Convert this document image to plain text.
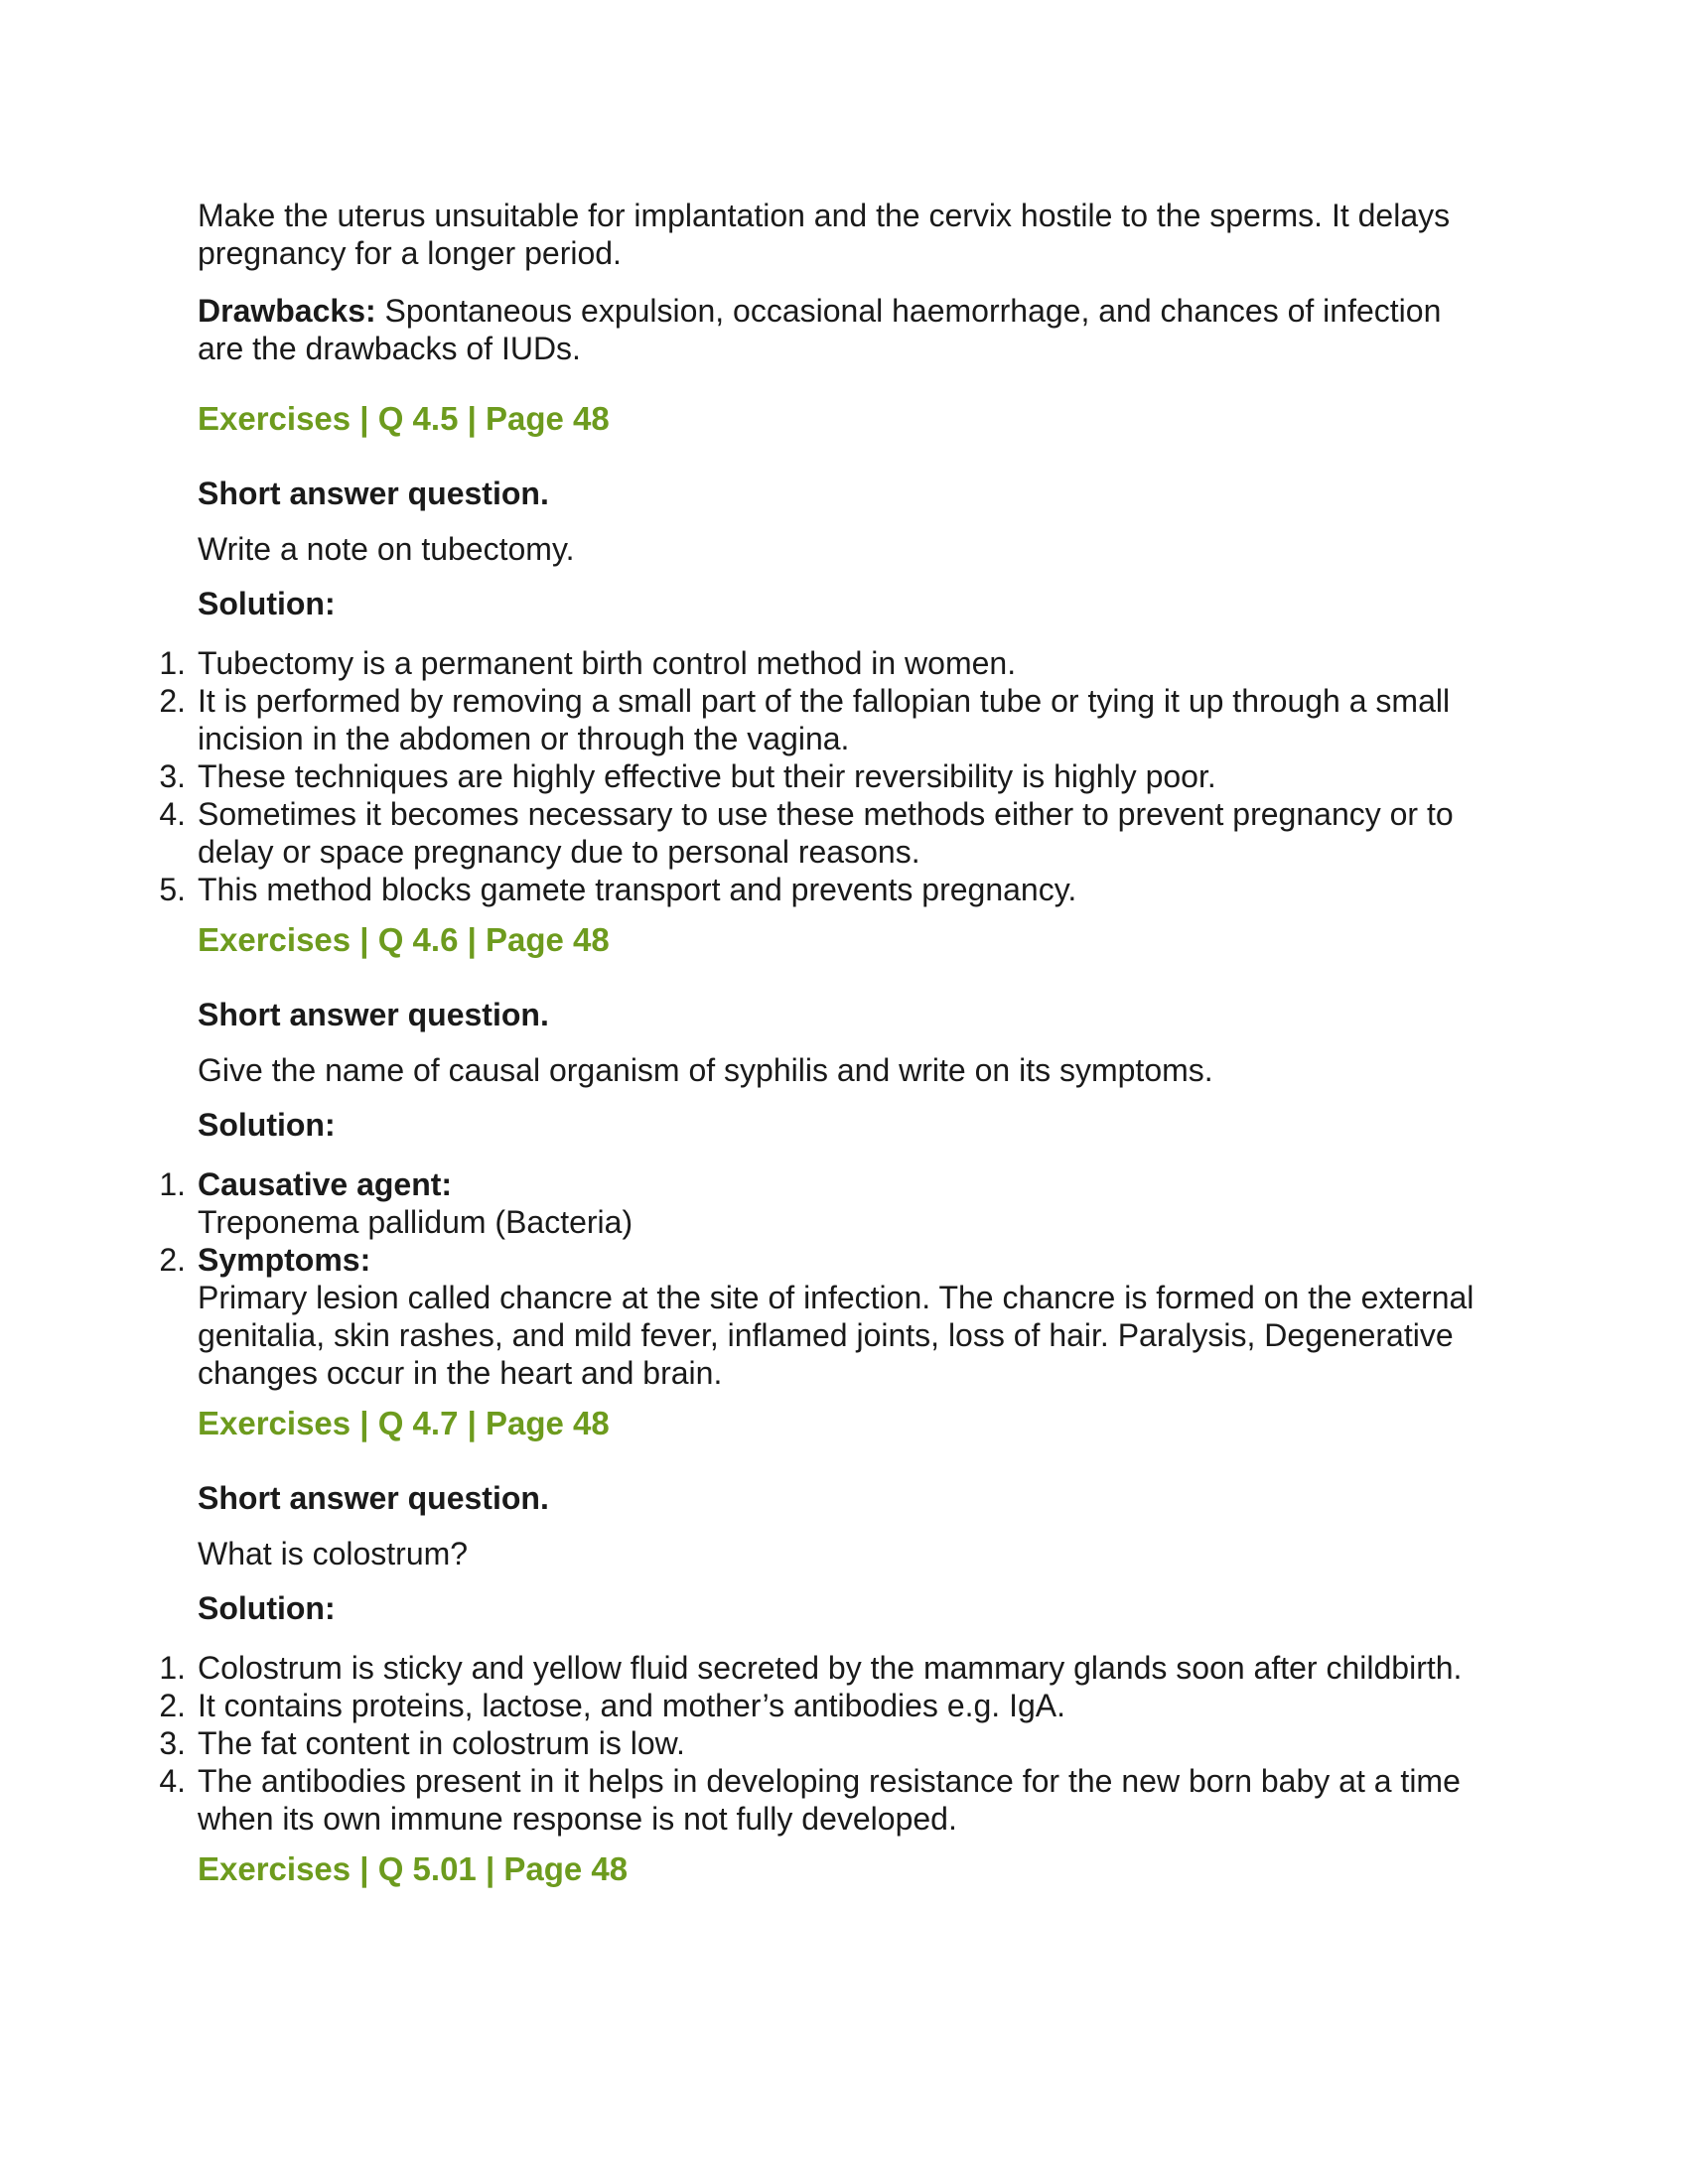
Make the uterus unsuitable for implantation and the cervix hostile to the sperms. It delays pregnancy for a longer period.

Drawbacks: Spontaneous expulsion, occasional haemorrhage, and chances of infection are the drawbacks of IUDs.

Exercises | Q 4.5 | Page 48

Short answer question.

Write a note on tubectomy.

Solution:

1. Tubectomy is a permanent birth control method in women.
2. It is performed by removing a small part of the fallopian tube or tying it up through a small incision in the abdomen or through the vagina.
3. These techniques are highly effective but their reversibility is highly poor.
4. Sometimes it becomes necessary to use these methods either to prevent pregnancy or to delay or space pregnancy due to personal reasons.
5. This method blocks gamete transport and prevents pregnancy.

Exercises | Q 4.6 | Page 48

Short answer question.

Give the name of causal organism of syphilis and write on its symptoms.

Solution:

1. Causative agent:
Treponema pallidum (Bacteria)
2. Symptoms:
Primary lesion called chancre at the site of infection. The chancre is formed on the external genitalia, skin rashes, and mild fever, inflamed joints, loss of hair. Paralysis, Degenerative changes occur in the heart and brain.

Exercises | Q 4.7 | Page 48

Short answer question.

What is colostrum?

Solution:

1. Colostrum is sticky and yellow fluid secreted by the mammary glands soon after childbirth.
2. It contains proteins, lactose, and mother’s antibodies e.g. IgA.
3. The fat content in colostrum is low.
4. The antibodies present in it helps in developing resistance for the new born baby at a time when its own immune response is not fully developed.

Exercises | Q 5.01 | Page 48
